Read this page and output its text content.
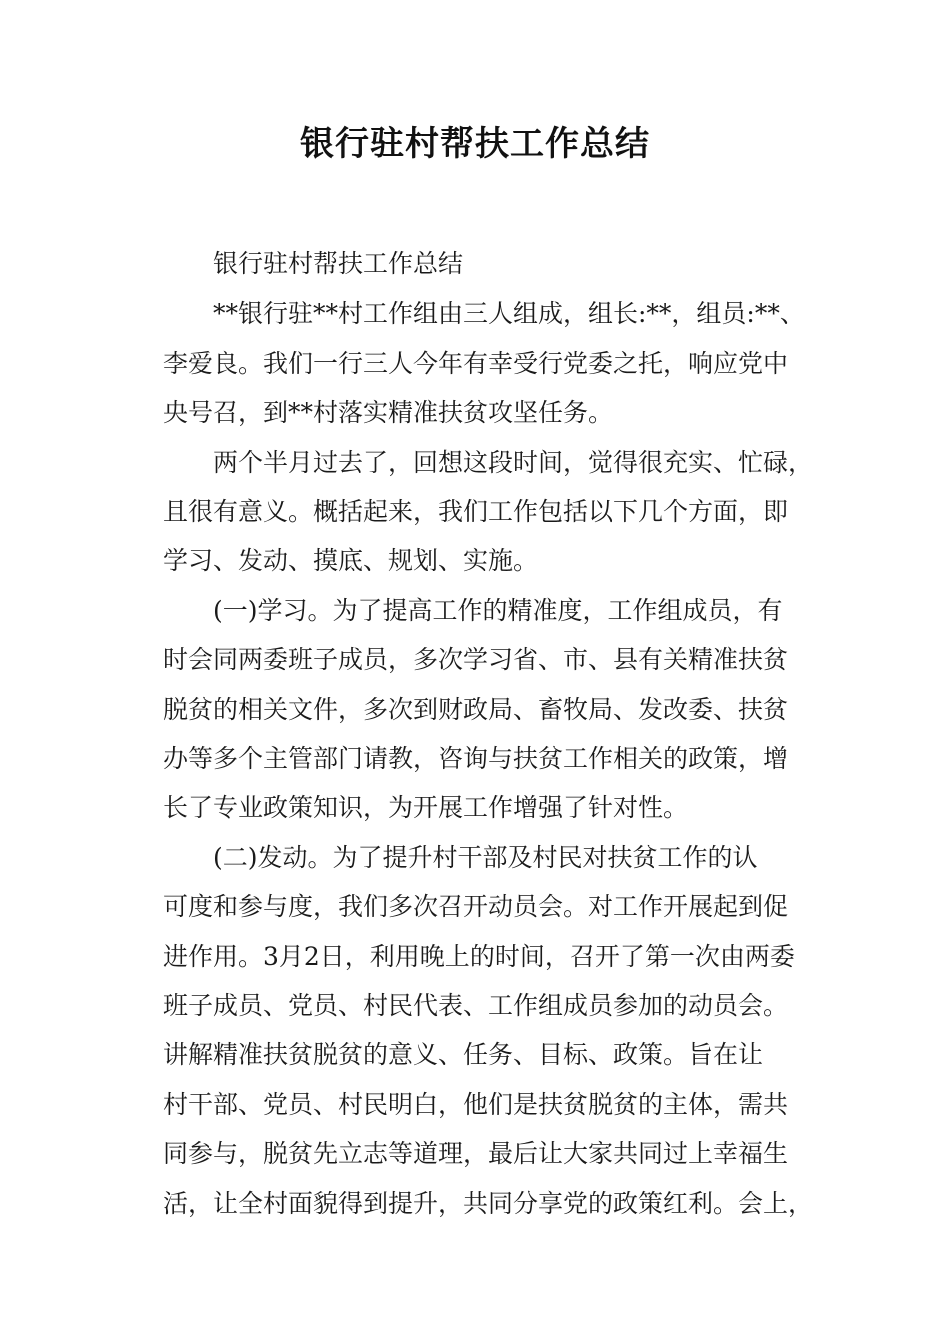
银行驻村帮扶工作总结
银行驻村帮扶工作总结
**银行驻**村工作组由三人组成，组长:**，组员:**、
李爱良。我们一行三人今年有幸受行党委之托，响应党中
央号召，到**村落实精准扶贫攻坚任务。
两个半月过去了，回想这段时间，觉得很充实、忙碌，
且很有意义。概括起来，我们工作包括以下几个方面，即
学习、发动、摸底、规划、实施。
(一)学习。为了提高工作的精准度，工作组成员，有
时会同两委班子成员，多次学习省、市、县有关精准扶贫
脱贫的相关文件，多次到财政局、畜牧局、发改委、扶贫
办等多个主管部门请教，咨询与扶贫工作相关的政策，增
长了专业政策知识，为开展工作增强了针对性。
(二)发动。为了提升村干部及村民对扶贫工作的认
可度和参与度，我们多次召开动员会。对工作开展起到促
进作用。3月2日，利用晚上的时间，召开了第一次由两委
班子成员、党员、村民代表、工作组成员参加的动员会。
讲解精准扶贫脱贫的意义、任务、目标、政策。旨在让
村干部、党员、村民明白，他们是扶贫脱贫的主体，需共
同参与，脱贫先立志等道理，最后让大家共同过上幸福生
活，让全村面貌得到提升，共同分享党的政策红利。会上，
